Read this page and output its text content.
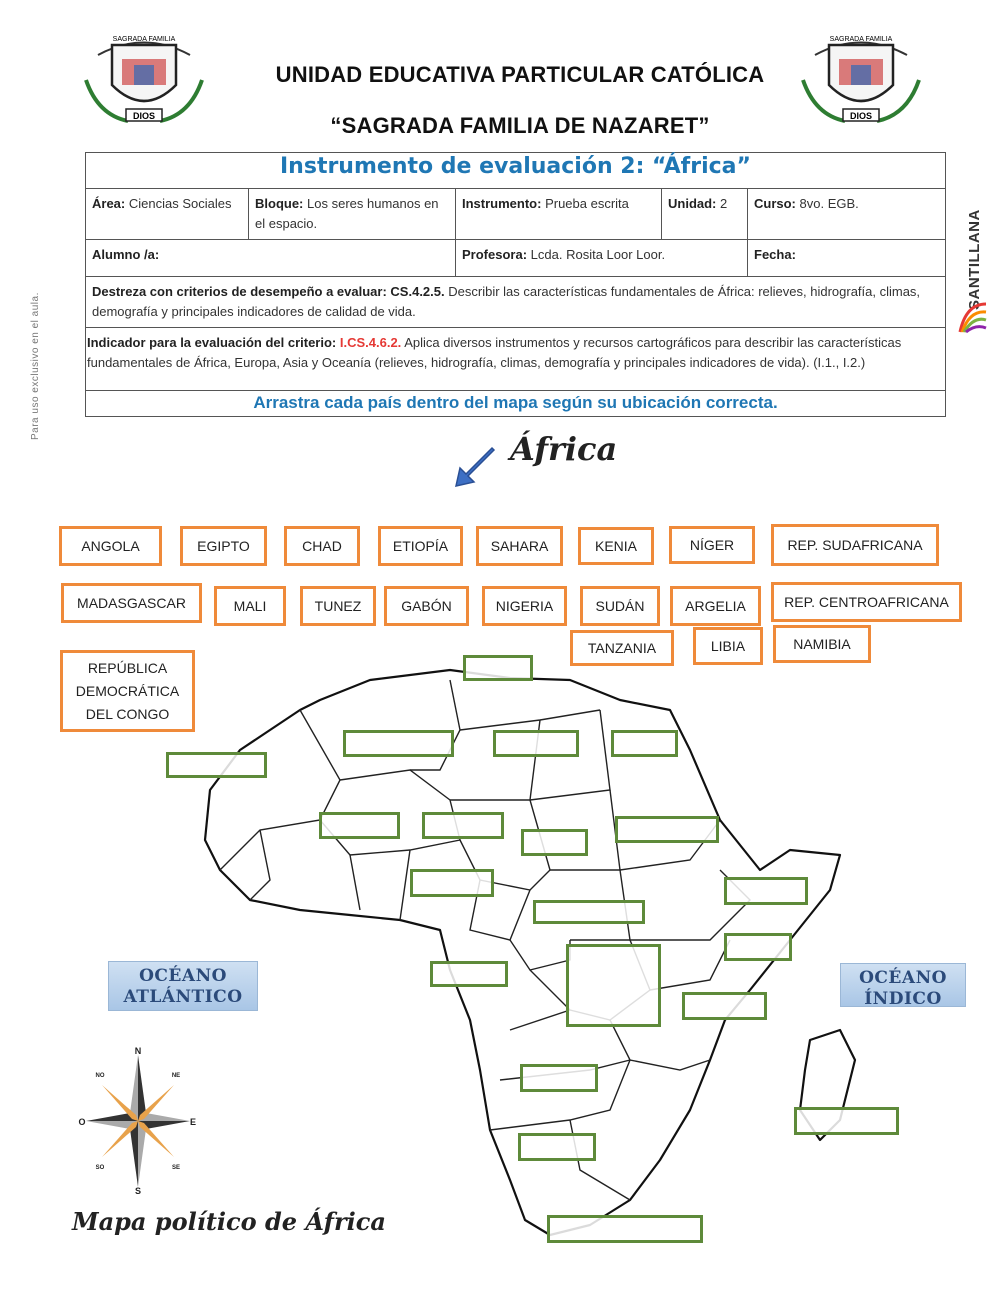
DIOS
SAGRADA FAMILIA
DIOS
SAGRADA FAMILIA
UNIDAD EDUCATIVA PARTICULAR CATÓLICA
“SAGRADA FAMILIA DE NAZARET”
Instrumento de evaluación 2: “África”				
Área: Ciencias Sociales	Bloque: Los seres humanos en el espacio.	Instrumento: Prueba escrita	Unidad: 2	Curso: 8vo. EGB.
Alumno /a:		Profesora: Lcda. Rosita Loor Loor.		Fecha:
Destreza con criterios de desempeño a evaluar: CS.4.2.5. Describir las características fundamentales de África: relieves, hidrografía, climas, demografía y principales indicadores de calidad de vida.				
Indicador para la evaluación del criterio: I.CS.4.6.2. Aplica diversos instrumentos y recursos cartográficos para describir las características fundamentales de África, Europa, Asia y Oceanía (relieves, hidrografía, climas, demografía y principales indicadores de vida). (I.1., I.2.)				
Arrastra cada país dentro del mapa según su ubicación correcta.				
Para uso exclusivo en el aula.
SANTILLANA
África
OCÉANO
ATLÁNTICO
OCÉANO
ÍNDICO
N
S
E
O
NE
NO
SE
SO
Mapa político de África
ANGOLA	EGIPTO	CHAD	ETIOPÍA	SAHARA	KENIA	NÍGER	REP. SUDAFRICANA
MADASGASCAR	MALI	TUNEZ	GABÓN	NIGERIA	SUDÁN	ARGELIA	REP. CENTROAFRICANA
TANZANIA	LIBIA	NAMIBIA
REPÚBLICA DEMOCRÁTICA DEL CONGO
